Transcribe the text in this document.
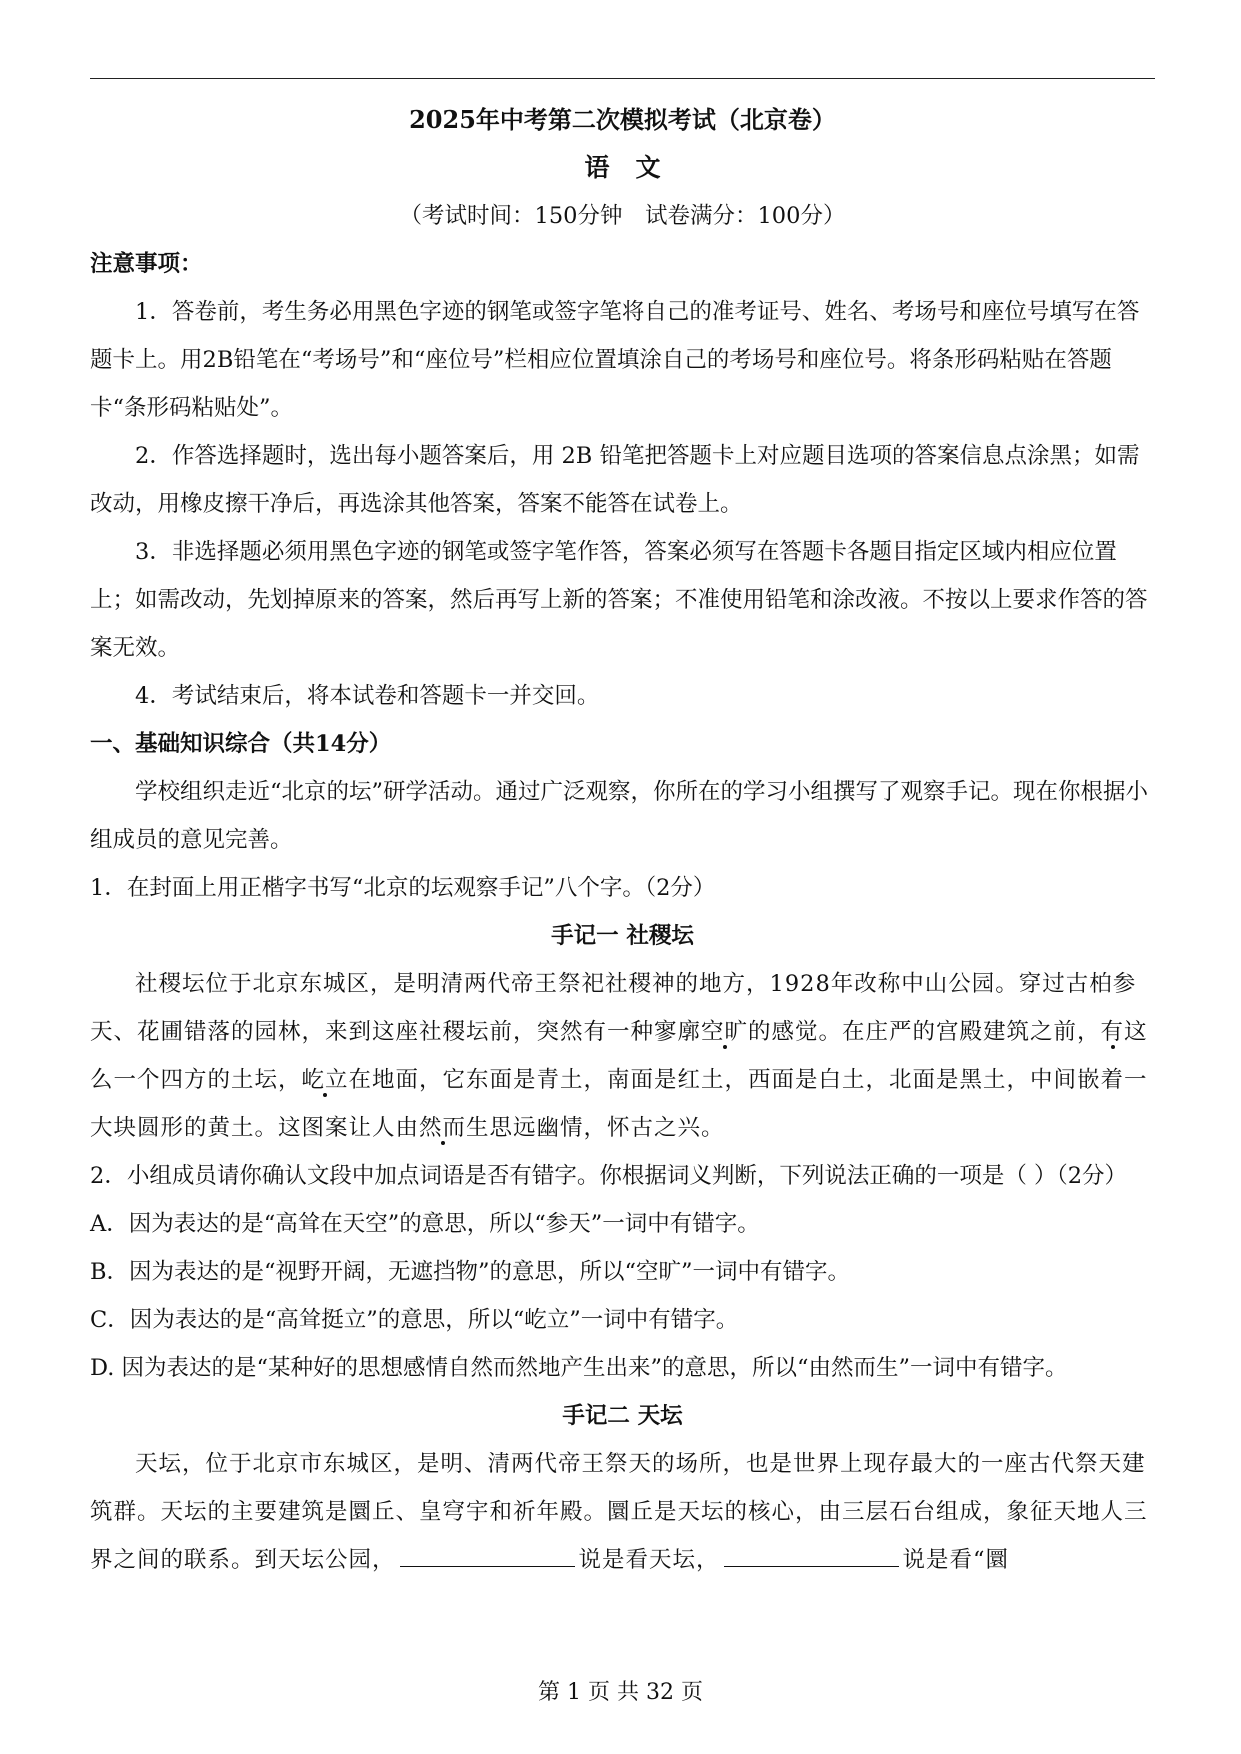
2025年中考第二次模拟考试（北京卷）

语文

（考试时间：150分钟　试卷满分：100分）

注意事项：

1．答卷前，考生务必用黑色字迹的钢笔或签字笔将自己的准考证号、姓名、考场号和座位号填写在答题卡上。用2B铅笔在“考场号”和“座位号”栏相应位置填涂自己的考场号和座位号。将条形码粘贴在答题卡“条形码粘贴处”。

2．作答选择题时，选出每小题答案后，用 2B 铅笔把答题卡上对应题目选项的答案信息点涂黑；如需改动，用橡皮擦干净后，再选涂其他答案，答案不能答在试卷上。

3．非选择题必须用黑色字迹的钢笔或签字笔作答，答案必须写在答题卡各题目指定区域内相应位置上；如需改动，先划掉原来的答案，然后再写上新的答案；不准使用铅笔和涂改液。不按以上要求作答的答案无效。

4．考试结束后，将本试卷和答题卡一并交回。

一、基础知识综合（共14分）

学校组织走近“北京的坛”研学活动。通过广泛观察，你所在的学习小组撰写了观察手记。现在你根据小组成员的意见完善。

1．在封面上用正楷字书写“北京的坛观察手记”八个字。（2分）

手记一 社稷坛

社稷坛位于北京东城区，是明清两代帝王祭祀社稷神的地方，1928年改称中山公园。穿过古柏参天、花圃错落的园林，来到这座社稷坛前，突然有一种寥廓空旷的感觉。在庄严的宫殿建筑之前，有这么一个四方的土坛，屹立在地面，它东面是青土，南面是红土，西面是白土，北面是黑土，中间嵌着一大块圆形的黄土。这图案让人由然而生思远幽情，怀古之兴。

2．小组成员请你确认文段中加点词语是否有错字。你根据词义判断，下列说法正确的一项是（ ）（2分）

A．因为表达的是“高耸在天空”的意思，所以“参天”一词中有错字。

B．因为表达的是“视野开阔，无遮挡物”的意思，所以“空旷”一词中有错字。

C．因为表达的是“高耸挺立”的意思，所以“屹立”一词中有错字。

D. 因为表达的是“某种好的思想感情自然而然地产生出来”的意思，所以“由然而生”一词中有错字。

手记二 天坛

天坛，位于北京市东城区，是明、清两代帝王祭天的场所，也是世界上现存最大的一座古代祭天建筑群。天坛的主要建筑是圜丘、皇穹宇和祈年殿。圜丘是天坛的核心，由三层石台组成，象征天地人三界之间的联系。到天坛公园，	说是看天坛，	说是看“圜

第 1 页 共 32 页
